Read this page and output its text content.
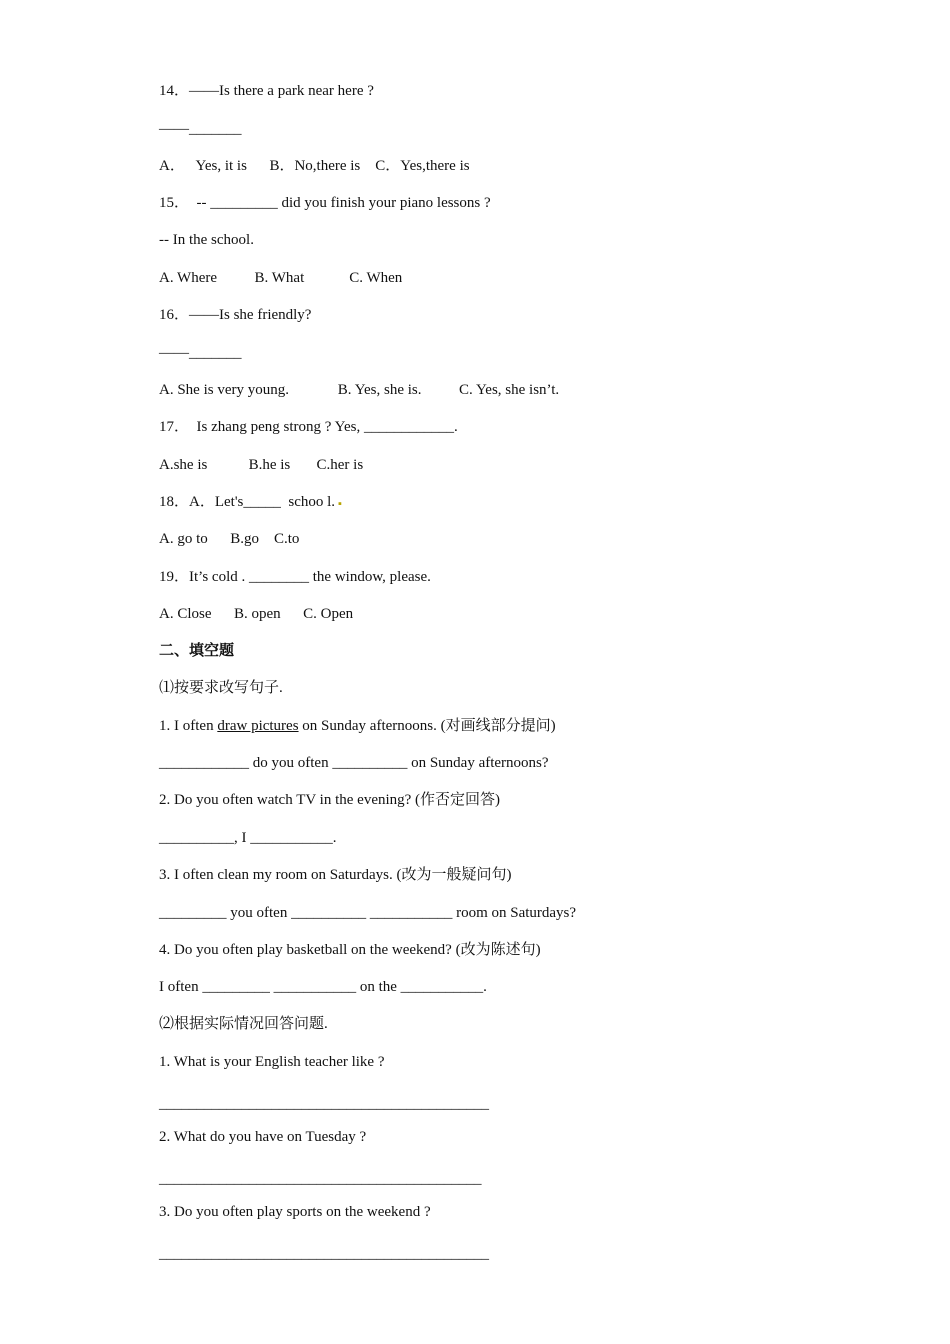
14．——Is there a park near here ?
——_______
A．   Yes, it is      B．No,there is    C．Yes,there is
15．  -- _________ did you finish your piano lessons ?
-- In the school.
A. Where          B. What            C. When
16．——Is she friendly?
——_______
A. She is very young.             B. Yes, she is.          C. Yes, she isn’t.
17．  Is zhang peng strong ? Yes, ____________.
A.she is           B.he is       C.her is
18．A．Let's_____  schoo l. ▪
A. go to      B.go    C.to
19．It’s cold . ________ the window, please.
A. Close      B. open      C. Open
二、填空题
⑴按要求改写句子.
1. I often draw pictures on Sunday afternoons. (对画线部分提问)
____________ do you often __________ on Sunday afternoons?
2. Do you often watch TV in the evening? (作否定回答)
__________, I ___________.
3. I often clean my room on Saturdays. (改为一般疑问句)
_________ you often __________ ___________ room on Saturdays?
4. Do you often play basketball on the weekend? (改为陈述句)
I often _________ ___________ on the ___________.
⑵根据实际情况回答问题.
1. What is your English teacher like ?
____________________________________________
2. What do you have on Tuesday ?
___________________________________________
3. Do you often play sports on the weekend ?
____________________________________________
